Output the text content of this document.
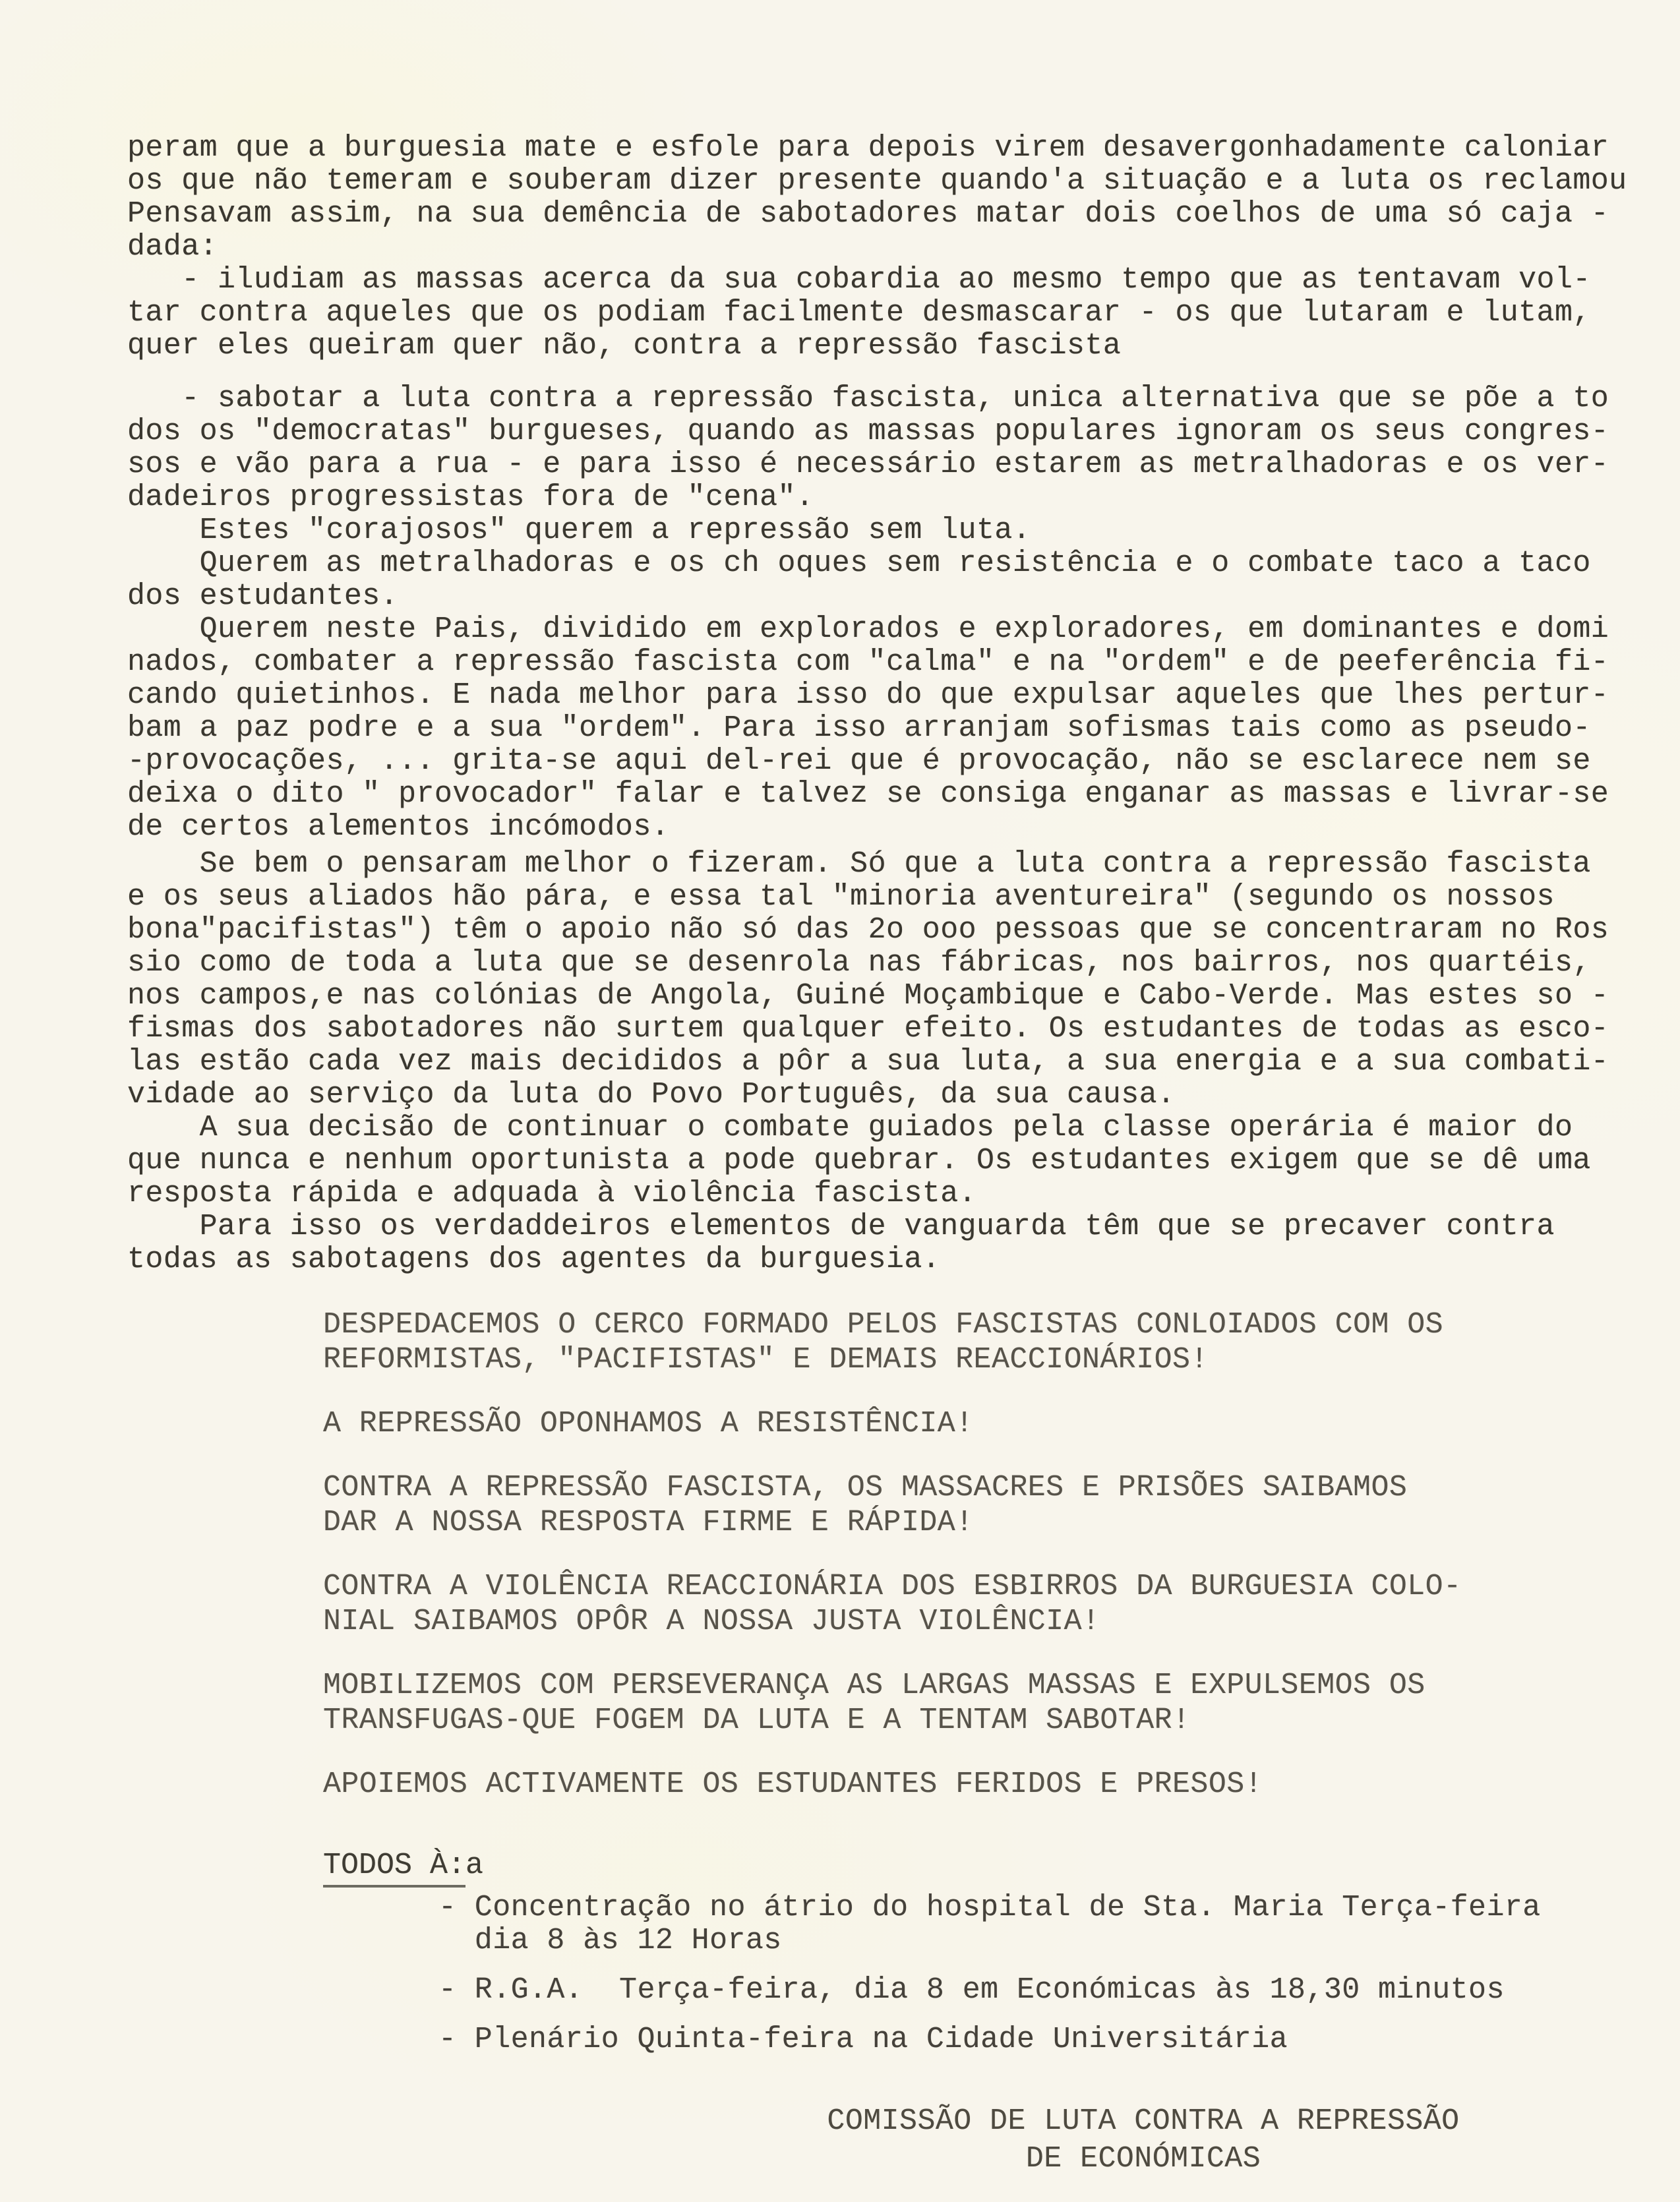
peram que a burguesia mate e esfole para depois virem desavergonhadamente caloniar
os que não temeram e souberam dizer presente quando'a situação e a luta os reclamou
Pensavam assim, na sua demência de sabotadores matar dois coelhos de uma só caja -
dada:
- iludiam as massas acerca da sua cobardia ao mesmo tempo que as tentavam vol-
tar contra aqueles que os podiam facilmente desmascarar - os que lutaram e lutam,
quer eles queiram quer não, contra a repressão fascista
- sabotar a luta contra a repressão fascista, unica alternativa que se põe a to
dos os "democratas" burgueses, quando as massas populares ignoram os seus congres-
sos e vão para a rua - e para isso é necessário estarem as metralhadoras e os ver-
dadeiros progressistas fora de "cena".
Estes "corajosos" querem a repressão sem luta.
Querem as metralhadoras e os ch oques sem resistência e o combate taco a taco
dos estudantes.
Querem neste Pais, dividido em explorados e exploradores, em dominantes e domi
nados, combater a repressão fascista com "calma" e na "ordem" e de peeferência fi-
cando quietinhos. E nada melhor para isso do que expulsar aqueles que lhes pertur-
bam a paz podre e a sua "ordem". Para isso arranjam sofismas tais como as pseudo-
-provocações, ... grita-se aqui del-rei que é provocação, não se esclarece nem se
deixa o dito " provocador" falar e talvez se consiga enganar as massas e livrar-se
de certos alementos incómodos.
Se bem o pensaram melhor o fizeram. Só que a luta contra a repressão fascista
e os seus aliados hão pára, e essa tal "minoria aventureira" (segundo os nossos
bona"pacifistas") têm o apoio não só das 2o ooo pessoas que se concentraram no Ros
sio como de toda a luta que se desenrola nas fábricas, nos bairros, nos quartéis,
nos campos,e nas colónias de Angola, Guiné Moçambique e Cabo-Verde. Mas estes so -
fismas dos sabotadores não surtem qualquer efeito. Os estudantes de todas as esco-
las estão cada vez mais decididos a pôr a sua luta, a sua energia e a sua combati-
vidade ao serviço da luta do Povo Português, da sua causa.
A sua decisão de continuar o combate guiados pela classe operária é maior do
que nunca e nenhum oportunista a pode quebrar. Os estudantes exigem que se dê uma
resposta rápida e adquada à violência fascista.
Para isso os verdaddeiros elementos de vanguarda têm que se precaver contra
todas as sabotagens dos agentes da burguesia.
DESPEDACEMOS O CERCO FORMADO PELOS FASCISTAS CONLOIADOS COM OS
REFORMISTAS, "PACIFISTAS" E DEMAIS REACCIONÁRIOS!
A REPRESSÃO OPONHAMOS A RESISTÊNCIA!
CONTRA A REPRESSÃO FASCISTA, OS MASSACRES E PRISÕES SAIBAMOS
DAR A NOSSA RESPOSTA FIRME E RÁPIDA!
CONTRA A VIOLÊNCIA REACCIONÁRIA DOS ESBIRROS DA BURGUESIA COLO-
NIAL SAIBAMOS OPÔR A NOSSA JUSTA VIOLÊNCIA!
MOBILIZEMOS COM PERSEVERANÇA AS LARGAS MASSAS E EXPULSEMOS OS
TRANSFUGAS-QUE FOGEM DA LUTA E A TENTAM SABOTAR!
APOIEMOS ACTIVAMENTE OS ESTUDANTES FERIDOS E PRESOS!
TODOS À:a
- Concentração no átrio do hospital de Sta. Maria Terça-feira
dia 8 às 12 Horas
- R.G.A.  Terça-feira, dia 8 em Económicas às 18,30 minutos
- Plenário Quinta-feira na Cidade Universitária
COMISSÃO DE LUTA CONTRA A REPRESSÃO
DE ECONÓMICAS
